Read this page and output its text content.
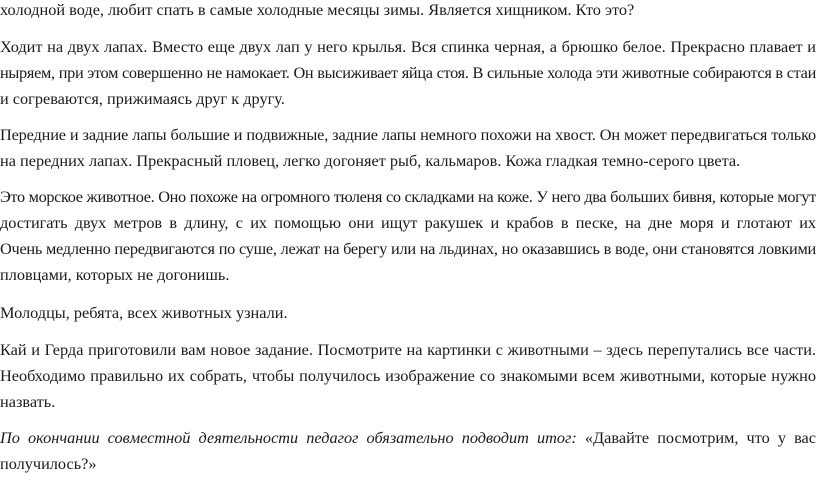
холодной воде, любит спать в самые холодные месяцы зимы. Является хищником. Кто это?
Ходит на двух лапах. Вместо еще двух лап у него крылья. Вся спинка черная, а брюшко белое. Прекрасно плавает и
ныряем, при этом совершенно не намокает. Он высиживает яйца стоя. В сильные холода эти животные собираются в стаи
и согреваются, прижимаясь друг к другу.
Передние и задние лапы большие и подвижные, задние лапы немного похожи на хвост. Он может передвигаться только
на передних лапах. Прекрасный пловец, легко догоняет рыб, кальмаров. Кожа гладкая темно-серого цвета.
Это морское животное. Оно похоже на огромного тюленя со складками на коже. У него два больших бивня, которые могут
достигать двух метров в длину, с их помощью они ищут ракушек и крабов в песке, на дне моря и глотают их
Очень медленно передвигаются по суше, лежат на берегу или на льдинах, но оказавшись в воде, они становятся ловкими
пловцами, которых не догонишь.
Молодцы, ребята, всех животных узнали.
Кай и Герда приготовили вам новое задание. Посмотрите на картинки с животными – здесь перепутались все части.
Необходимо правильно их собрать, чтобы получилось изображение со знакомыми всем животными, которые нужно
назвать.
По окончании совместной деятельности педагог обязательно подводит итог: «Давайте посмотрим, что у вас
получилось?»
